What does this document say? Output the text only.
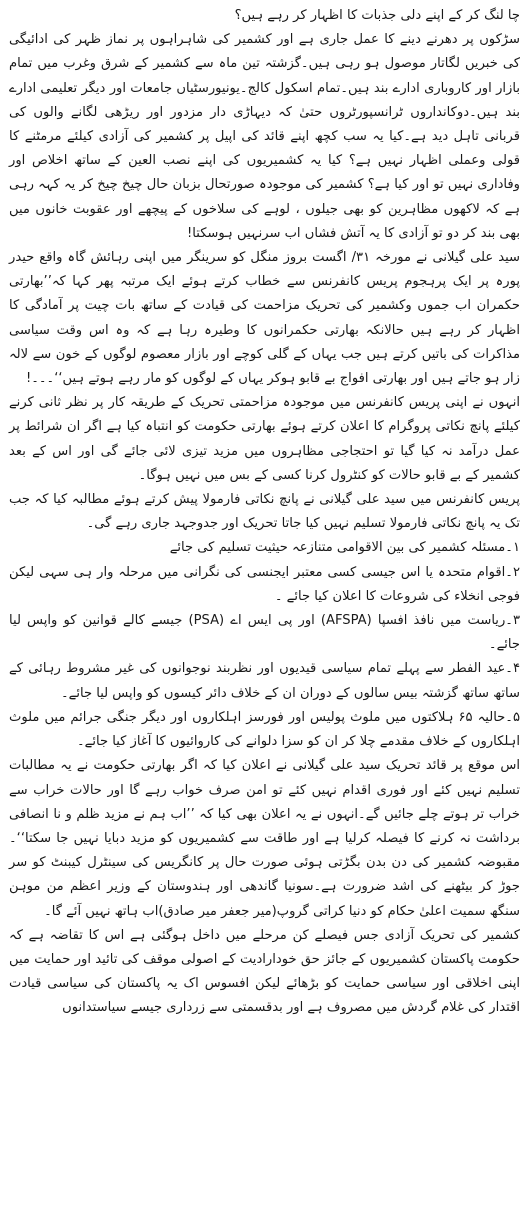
چا لنگ کر کے اپنے دلی جذبات کا اظہار کر رہے ہیں؟

سڑکوں پر دھرنے دینے کا عمل جاری ہے اور کشمیر کی شاہراہوں پر نماز ظہر کی ادائیگی کی خبریں لگاتار موصول ہو رہی ہیں۔گزشتہ تین ماہ سے کشمیر کے شرق وغرب میں تمام بازار اور کاروباری ادارے بند ہیں۔تمام اسکول کالج۔یونیورسٹیاں جامعات اور دیگر تعلیمی ادارے بند ہیں۔دوکانداروں ٹرانسپورٹروں حتیٰ کہ دیہاڑی دار مزدور اور ریڑھی لگانے والوں کی قربانی تاہل دید ہے۔کیا یہ سب کچھ اپنے قائد کی اپیل پر کشمیر کی آزادی کیلئے مرمٹنے کا قولی وعملی اظہار نہیں ہے؟ کیا یہ کشمیریوں کی اپنے نصب العین کے ساتھ اخلاص اور وفاداری نہیں تو اور کیا ہے؟ کشمیر کی موجودہ صورتحال بزبان حال چیخ چیخ کر یہ کہہ رہی ہے کہ لاکھوں مظاہرین کو بھی جیلوں ، لوہے کی سلاخوں کے پیچھے اور عقوبت خانوں میں بھی بند کر دو تو آزادی کا یہ آتش فشاں اب سرنہیں ہوسکتا!

سید علی گیلانی نے مورخہ ۳۱/ اگست بروز منگل کو سرینگر میں اپنی رہائش گاہ واقع حیدر پورہ پر ایک پرہجوم پریس کانفرنس سے خطاب کرتے ہوئے ایک مرتبہ پھر کہا کہ’’بھارتی حکمران اب جموں وکشمیر کی تحریک مزاحمت کی قیادت کے ساتھ بات چیت پر آمادگی کا اظہار کر رہے ہیں حالانکہ بھارتی حکمرانوں کا وطیرہ رہا ہے کہ وہ اس وقت سیاسی مذاکرات کی باتیں کرتے ہیں جب یہاں کے گلی کوچے اور بازار معصوم لوگوں کے خون سے لالہ زار ہو جاتے ہیں اور بھارتی افواج بے قابو ہوکر یہاں کے لوگوں کو مار رہے ہوتے ہیں‘‘۔۔۔!

انہوں نے اپنی پریس کانفرنس میں موجودہ مزاحمتی تحریک کے طریقہ کار پر نظر ثانی کرنے کیلئے پانچ نکاتی پروگرام کا اعلان کرتے ہوئے بھارتی حکومت کو انتباہ کیا ہے اگر ان شرائط پر عمل درآمد نہ کیا گیا تو احتجاجی مظاہروں میں مزید تیزی لائی جائے گی اور اس کے بعد کشمیر کے بے قابو حالات کو کنٹرول کرنا کسی کے بس میں نہیں ہوگا۔

پریس کانفرنس میں سید علی گیلانی نے پانچ نکاتی فارمولا پیش کرتے ہوئے مطالبہ کیا کہ جب تک یہ پانچ نکاتی فارمولا تسلیم نہیں کیا جاتا تحریک اور جدوجہد جاری رہے گی۔

۱۔مسئلہ کشمیر کی بین الاقوامی متنازعہ حیثیت تسلیم کی جائے

۲۔اقوام متحدہ یا اس جیسی کسی معتبر ایجنسی کی نگرانی میں مرحلہ وار ہی سہی لیکن فوجی انخلاء کی شروعات کا اعلان کیا جائے ۔

۳۔ریاست میں نافذ افسپا (AFSPA) اور پی ایس اے (PSA) جیسے کالے قوانین کو واپس لیا جائے۔

۴۔عید الفطر سے پہلے تمام سیاسی قیدیوں اور نظربند نوجوانوں کی غیر مشروط رہائی کے ساتھ ساتھ گزشتہ بیس سالوں کے دوران ان کے خلاف دائر کیسوں کو واپس لیا جائے۔

۵۔حالیہ ۶۵ ہلاکتوں میں ملوث پولیس اور فورسز اہلکاروں اور دیگر جنگی جرائم میں ملوث اہلکاروں کے خلاف مقدمے چلا کر ان کو سزا دلوانے کی کاروائیوں کا آغاز کیا جائے۔

اس موقع پر قائد تحریک سید علی گیلانی نے اعلان کیا کہ اگر بھارتی حکومت نے یہ مطالبات تسلیم نہیں کئے اور فوری اقدام نہیں کئے تو امن صرف خواب رہے گا اور حالات خراب سے خراب تر ہوتے چلے جائیں گے۔انہوں نے یہ اعلان بھی کیا کہ ’’اب ہم نے مزید ظلم و نا انصافی برداشت نہ کرنے کا فیصلہ کرلیا ہے اور طاقت سے کشمیریوں کو مزید دبایا نہیں جا سکتا‘‘۔مقبوضہ کشمیر کی دن بدن بگڑتی ہوئی صورت حال پر کانگریس کی سینٹرل کیبنٹ کو سر جوڑ کر بیٹھنے کی اشد ضرورت ہے۔سونیا گاندھی اور ہندوستان کے وزیر اعظم من موہن سنگھ سمیت اعلیٰ حکام کو دنیا کراتی گروپ(میر جعفر میر صادق)اب ہاتھ نہیں آئے گا۔

کشمیر کی تحریک آزادی جس فیصلے کن مرحلے میں داخل ہوگئی ہے اس کا تقاضہ ہے کہ حکومت پاکستان کشمیریوں کے جائز حق خودارادیت کے اصولی موقف کی تائید اور حمایت میں اپنی اخلاقی اور سیاسی حمایت کو بڑھائے لیکن افسوس اک یہ پاکستان کی سیاسی قیادت اقتدار کی غلام گردش میں مصروف ہے اور بدقسمتی سے زرداری جیسے سیاستدانوں
